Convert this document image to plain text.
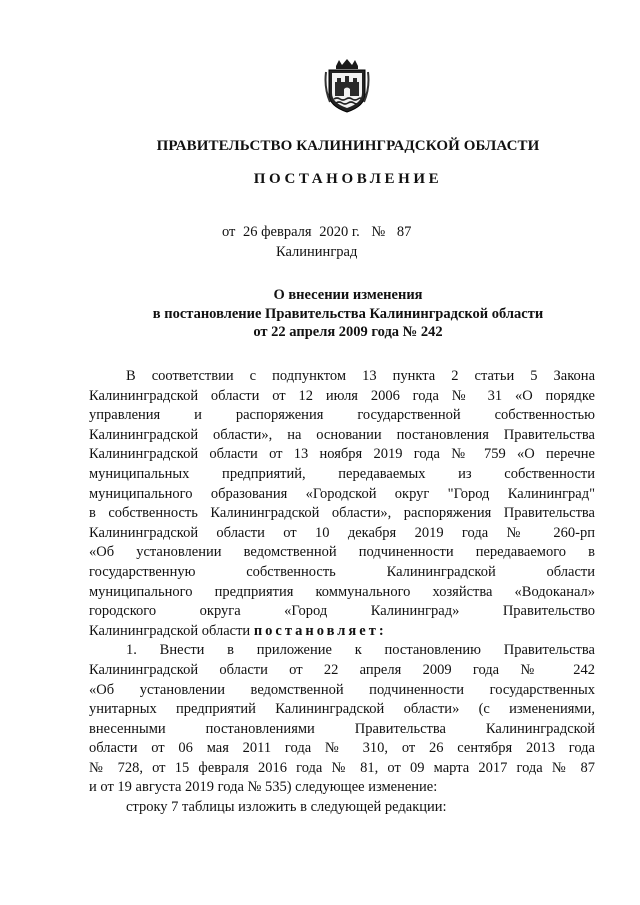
ПРАВИТЕЛЬСТВО КАЛИНИНГРАДСКОЙ ОБЛАСТИ
ПОСТАНОВЛЕНИЕ
от 26 февраля 2020 г. № 87
Калининград
О внесении изменения
в постановление Правительства Калининградской области
от 22 апреля 2009 года № 242
В соответствии с подпунктом 13 пункта 2 статьи 5 Закона
Калининградской области от 12 июля 2006 года № 31 «О порядке
управления и распоряжения государственной собственностью
Калининградской области», на основании постановления Правительства
Калининградской области от 13 ноября 2019 года № 759 «О перечне
муниципальных предприятий, передаваемых из собственности
муниципального образования «Городской округ "Город Калининград"
в собственность Калининградской области», распоряжения Правительства
Калининградской области от 10 декабря 2019 года № 260-рп
«Об установлении ведомственной подчиненности передаваемого в
государственную собственность Калининградской области
муниципального предприятия коммунального хозяйства «Водоканал»
городского округа «Город Калининград» Правительство
Калининградской области постановляет:
1. Внести в приложение к постановлению Правительства
Калининградской области от 22 апреля 2009 года № 242
«Об установлении ведомственной подчиненности государственных
унитарных предприятий Калининградской области» (с изменениями,
внесенными постановлениями Правительства Калининградской
области от 06 мая 2011 года № 310, от 26 сентября 2013 года
№ 728, от 15 февраля 2016 года № 81, от 09 марта 2017 года № 87
и от 19 августа 2019 года № 535) следующее изменение:
строку 7 таблицы изложить в следующей редакции:
